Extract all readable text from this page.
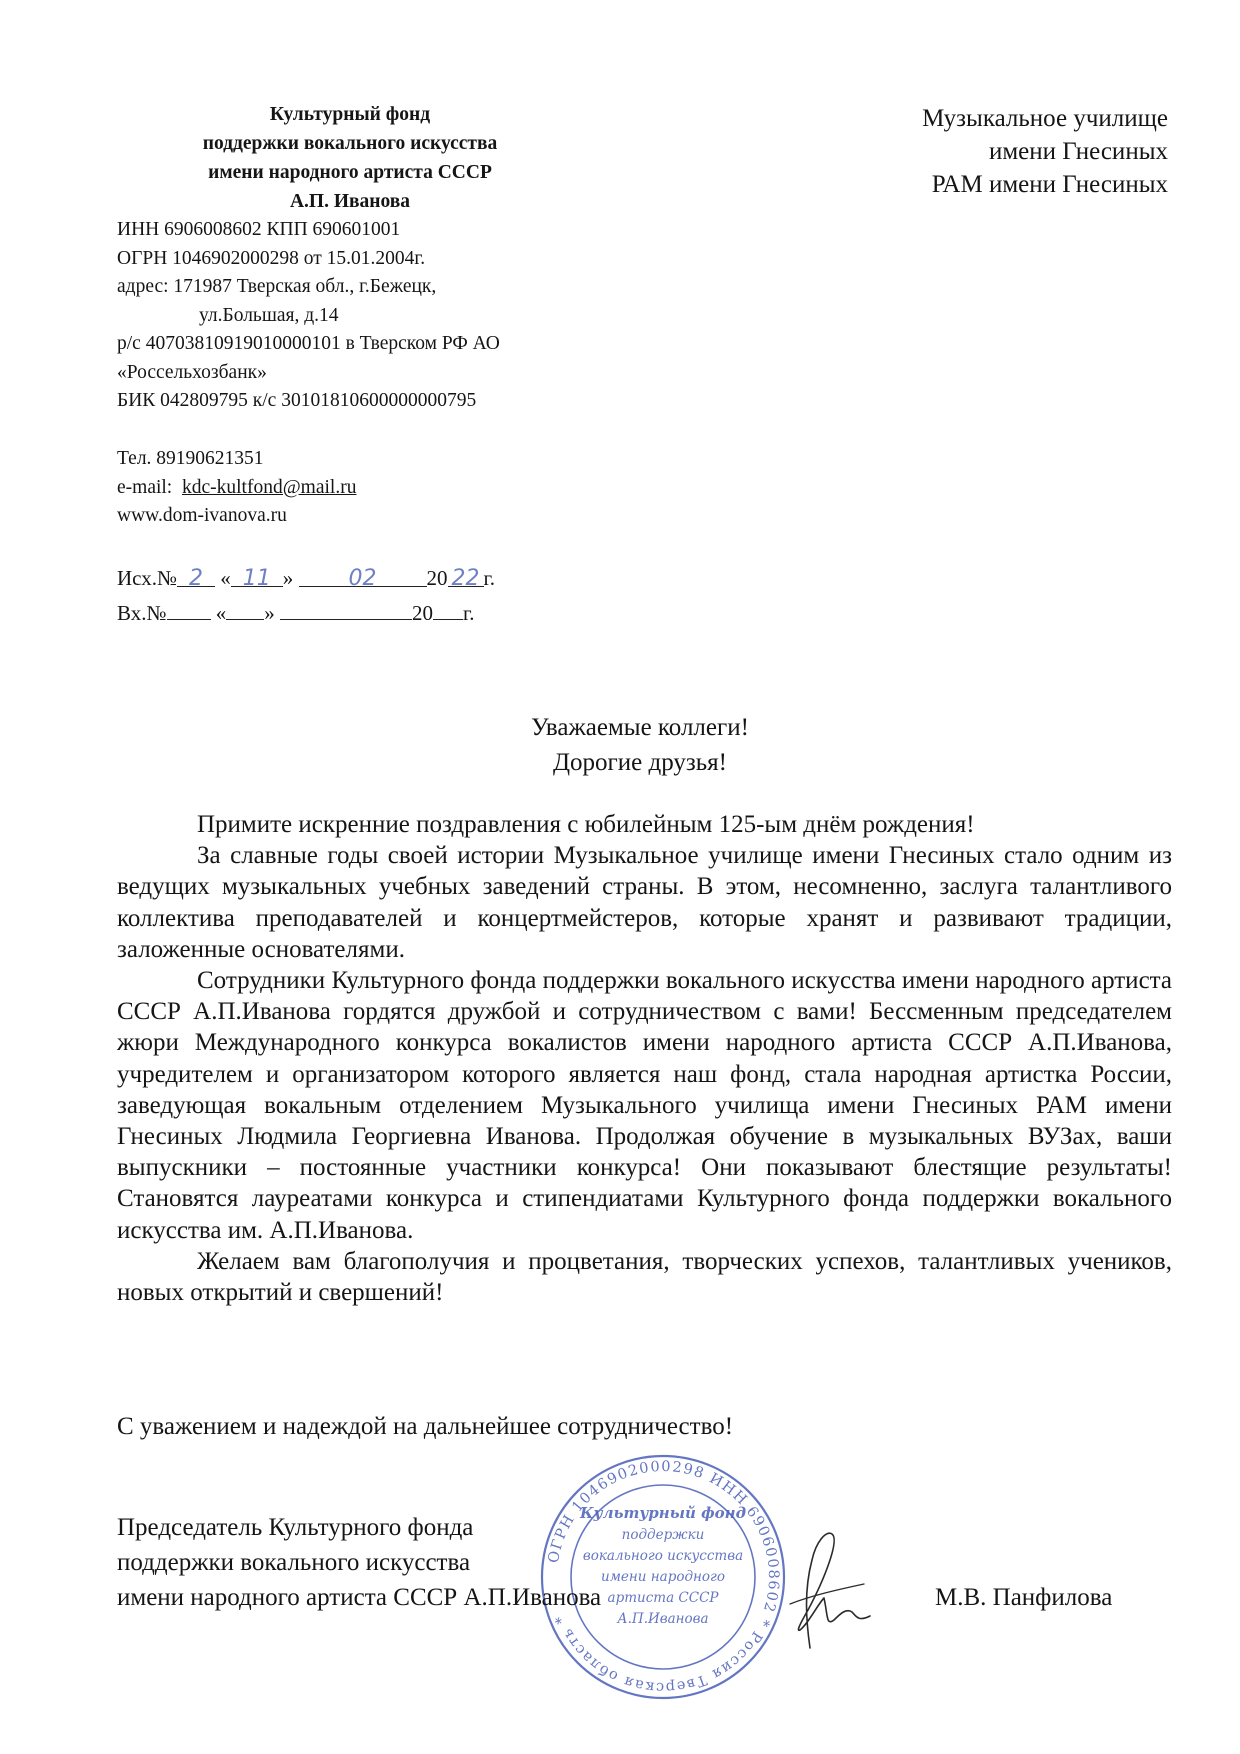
Культурный фонд
поддержки вокального искусства
имени народного артиста СССР
А.П. Иванова
ИНН 6906008602 КПП 690601001
ОГРН 1046902000298 от 15.01.2004г.
адрес: 171987 Тверская обл., г.Бежецк,
ул.Большая, д.14
р/с 40703810919010000101 в Тверском РФ АО
«Россельхозбанк»
БИК 042809795 к/с 30101810600000000795
Тел. 89190621351
e-mail: kdc-kultfond@mail.ru
www.dom-ivanova.ru
Исх.№ 2 « 11 »	02 20 22 г.
Вх.№ « »	20 г.
Музыкальное училище
имени Гнесиных
РАМ имени Гнесиных
Уважаемые коллеги!
Дорогие друзья!

Примите искренние поздравления с юбилейным 125-ым днём рождения!

За славные годы своей истории Музыкальное училище имени Гнесиных стало одним из ведущих музыкальных учебных заведений страны. В этом, несомненно, заслуга талантливого коллектива преподавателей и концертмейстеров, которые хранят и развивают традиции, заложенные основателями.

Сотрудники Культурного фонда поддержки вокального искусства имени народного артиста СССР А.П.Иванова гордятся дружбой и сотрудничеством с вами! Бессменным председателем жюри Международного конкурса вокалистов имени народного артиста СССР А.П.Иванова, учредителем и организатором которого является наш фонд, стала народная артистка России, заведующая вокальным отделением Музыкального училища имени Гнесиных РАМ имени Гнесиных Людмила Георгиевна Иванова. Продолжая обучение в музыкальных ВУЗах, ваши выпускники – постоянные участники конкурса! Они показывают блестящие результаты! Становятся лауреатами конкурса и стипендиатами Культурного фонда поддержки вокального искусства им. А.П.Иванова.

Желаем вам благополучия и процветания, творческих успехов, талантливых учеников, новых открытий и свершений!

С уважением и надеждой на дальнейшее сотрудничество!
ОГРН 1046902000298 ИНН 6906008602 * Россия Тверская область *
Культурный фонд
поддержки
вокального искусства
имени народного
артиста СССР
А.П.Иванова
Председатель Культурного фонда
поддержки вокального искусства
имени народного артиста СССР А.П.Иванова	М.В. Панфилова
